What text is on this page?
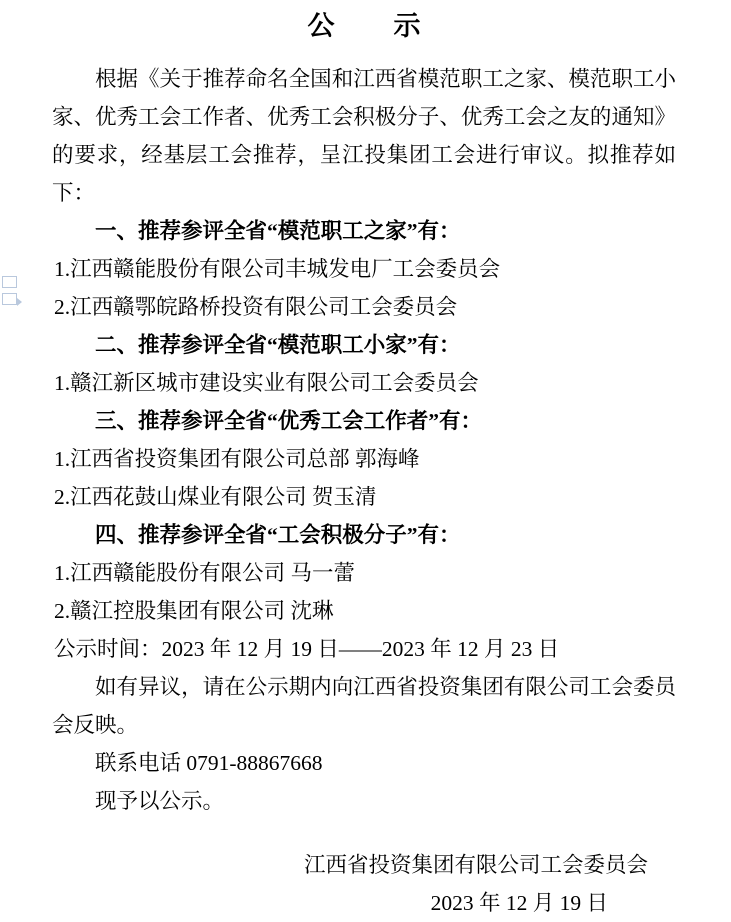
公　示

根据《关于推荐命名全国和江西省模范职工之家、模范职工小家、优秀工会工作者、优秀工会积极分子、优秀工会之友的通知》的要求，经基层工会推荐，呈江投集团工会进行审议。拟推荐如下：

一、推荐参评全省“模范职工之家”有：

1.江西赣能股份有限公司丰城发电厂工会委员会

2.江西赣鄂皖路桥投资有限公司工会委员会

二、推荐参评全省“模范职工小家”有：

1.赣江新区城市建设实业有限公司工会委员会

三、推荐参评全省“优秀工会工作者”有：

1.江西省投资集团有限公司总部 郭海峰

2.江西花鼓山煤业有限公司 贺玉清

四、推荐参评全省“工会积极分子”有：

1.江西赣能股份有限公司 马一蕾

2.赣江控股集团有限公司 沈琳

公示时间：2023 年 12 月 19 日——2023 年 12 月 23 日

如有异议，请在公示期内向江西省投资集团有限公司工会委员会反映。

联系电话 0791-88867668

现予以公示。

江西省投资集团有限公司工会委员会

2023 年 12 月 19 日
